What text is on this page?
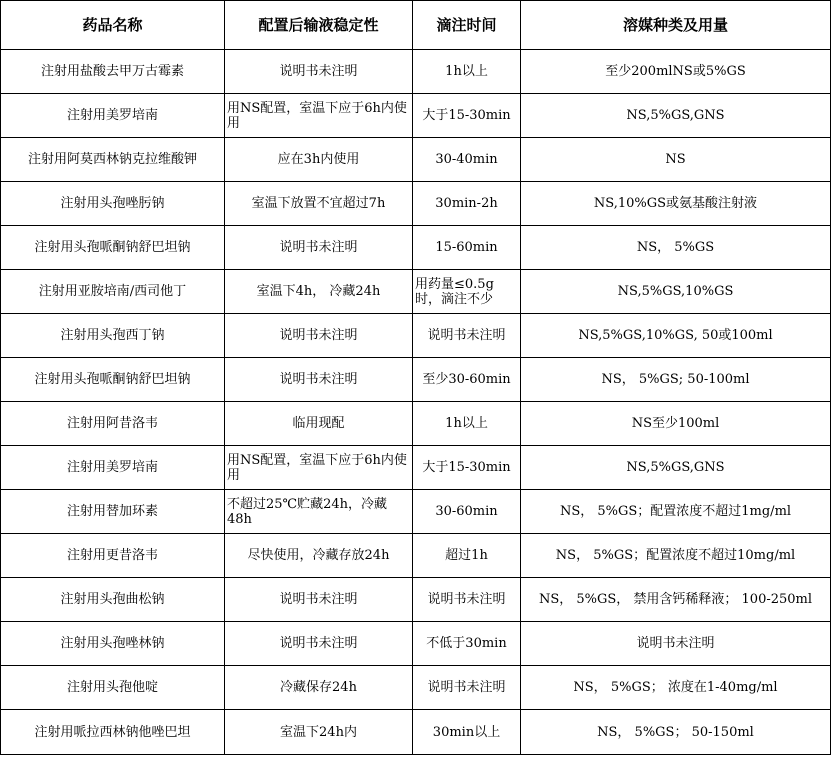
药品名称	配置后输液稳定性	滴注时间	溶媒种类及用量
注射用盐酸去甲万古霉素	说明书未注明	1h以上	至少200mlNS或5%GS
注射用美罗培南	用NS配置，室温下应于6h内使用	大于15-30min	NS,5%GS,GNS
注射用阿莫西林钠克拉维酸钾	应在3h内使用	30-40min	NS
注射用头孢唑肟钠	室温下放置不宜超过7h	30min-2h	NS,10%GS或氨基酸注射液
注射用头孢哌酮钠舒巴坦钠	说明书未注明	15-60min	NS， 5%GS
注射用亚胺培南/西司他丁	室温下4h， 冷藏24h	用药量≤0.5g时，滴注不少	NS,5%GS,10%GS
注射用头孢西丁钠	说明书未注明	说明书未注明	NS,5%GS,10%GS, 50或100ml
注射用头孢哌酮钠舒巴坦钠	说明书未注明	至少30-60min	NS， 5%GS; 50-100ml
注射用阿昔洛韦	临用现配	1h以上	NS至少100ml
注射用美罗培南	用NS配置，室温下应于6h内使用	大于15-30min	NS,5%GS,GNS
注射用替加环素	不超过25℃贮藏24h，冷藏48h	30-60min	NS， 5%GS；配置浓度不超过1mg/ml
注射用更昔洛韦	尽快使用，冷藏存放24h	超过1h	NS， 5%GS；配置浓度不超过10mg/ml
注射用头孢曲松钠	说明书未注明	说明书未注明	NS， 5%GS， 禁用含钙稀释液； 100-250ml
注射用头孢唑林钠	说明书未注明	不低于30min	说明书未注明
注射用头孢他啶	冷藏保存24h	说明书未注明	NS， 5%GS； 浓度在1-40mg/ml
注射用哌拉西林钠他唑巴坦	室温下24h内	30min以上	NS， 5%GS； 50-150ml
